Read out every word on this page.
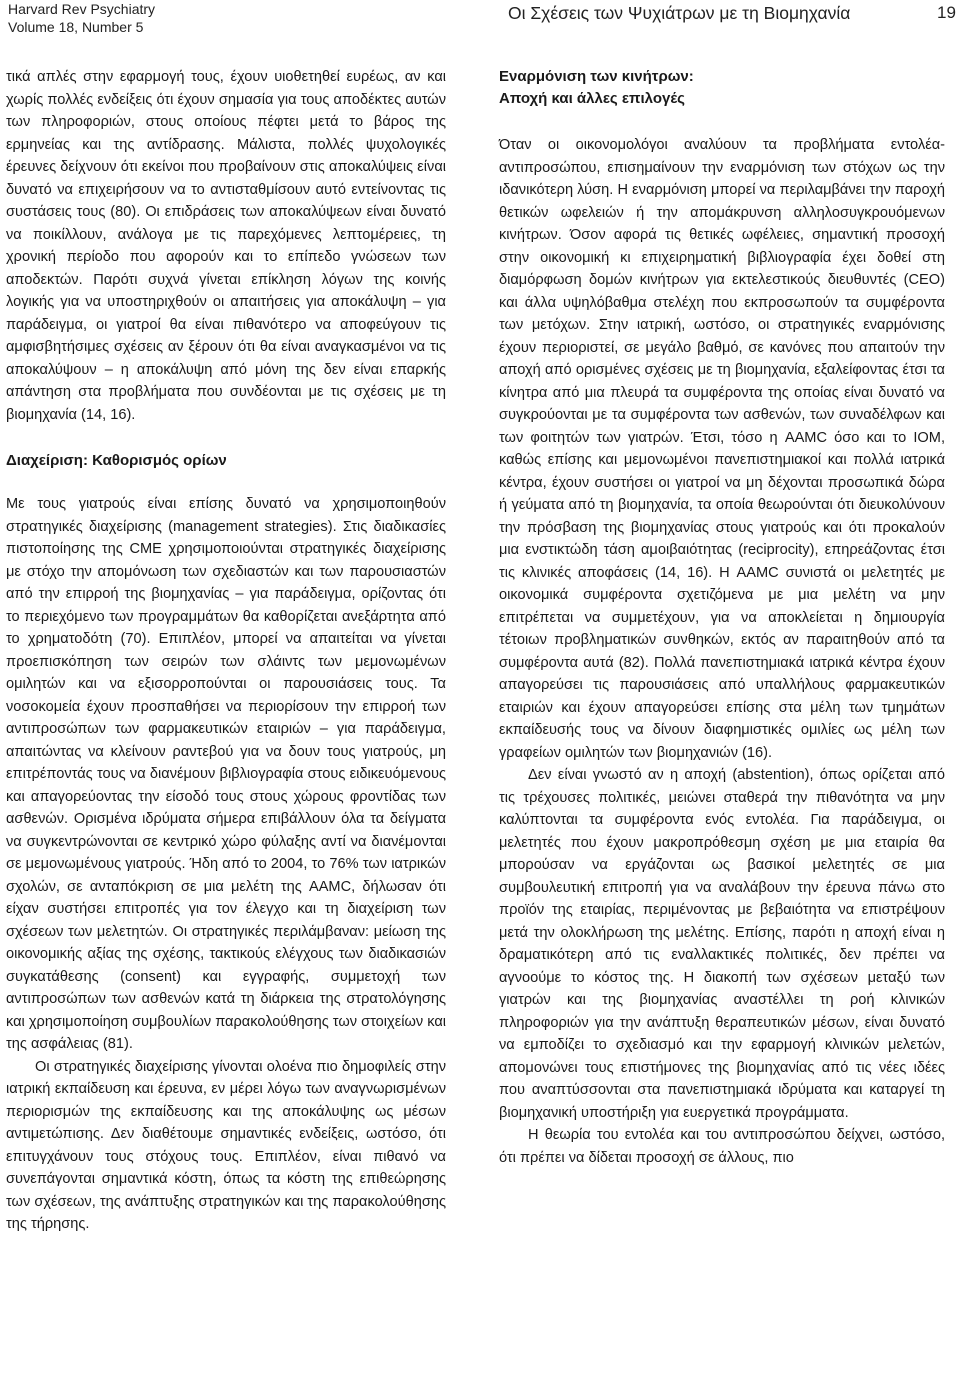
Harvard Rev Psychiatry
Volume 18, Number 5
Οι Σχέσεις των Ψυχιάτρων με τη Βιομηχανία	19

τικά απλές στην εφαρμογή τους, έχουν υιοθετηθεί ευρέως, αν και χωρίς πολλές ενδείξεις ότι έχουν σημασία για τους αποδέκτες αυτών των πληροφοριών, στους οποίους πέφτει μετά το βάρος της ερμηνείας και της αντίδρασης. Μάλιστα, πολλές ψυχολογικές έρευνες δείχνουν ότι εκείνοι που προβαίνουν στις αποκαλύψεις είναι δυνατό να επιχειρήσουν να το αντισταθμίσουν αυτό εντείνοντας τις συστάσεις τους (80). Οι επιδράσεις των αποκαλύψεων είναι δυνατό να ποικίλλουν, ανάλογα με τις παρεχόμενες λεπτομέρειες, τη χρονική περίοδο που αφορούν και το επίπεδο γνώσεων των αποδεκτών. Παρότι συχνά γίνεται επίκληση λόγων της κοινής λογικής για να υποστηριχθούν οι απαιτήσεις για αποκάλυψη – για παράδειγμα, οι γιατροί θα είναι πιθανότερο να αποφεύγουν τις αμφισβητήσιμες σχέσεις αν ξέρουν ότι θα είναι αναγκασμένοι να τις αποκαλύψουν – η αποκάλυψη από μόνη της δεν είναι επαρκής απάντηση στα προβλήματα που συνδέονται με τις σχέσεις με τη βιομηχανία (14, 16).

Διαχείριση: Καθορισμός ορίων

Με τους γιατρούς είναι επίσης δυνατό να χρησιμοποιηθούν στρατηγικές διαχείρισης (management strategies). Στις διαδικασίες πιστοποίησης της CME χρησιμοποιούνται στρατηγικές διαχείρισης με στόχο την απομόνωση των σχεδιαστών και των παρουσιαστών από την επιρροή της βιομηχανίας – για παράδειγμα, ορίζοντας ότι το περιεχόμενο των προγραμμάτων θα καθορίζεται ανεξάρτητα από το χρηματοδότη (70). Επιπλέον, μπορεί να απαιτείται να γίνεται προεπισκόπηση των σειρών των σλάιντς των μεμονωμένων ομιλητών και να εξισορροπούνται οι παρουσιάσεις τους. Τα νοσοκομεία έχουν προσπαθήσει να περιορίσουν την επιρροή των αντιπροσώπων των φαρμακευτικών εταιριών – για παράδειγμα, απαιτώντας να κλείνουν ραντεβού για να δουν τους γιατρούς, μη επιτρέποντάς τους να διανέμουν βιβλιογραφία στους ειδικευόμενους και απαγορεύοντας την είσοδό τους στους χώρους φροντίδας των ασθενών. Ορισμένα ιδρύματα σήμερα επιβάλλουν όλα τα δείγματα να συγκεντρώνονται σε κεντρικό χώρο φύλαξης αντί να διανέμονται σε μεμονωμένους γιατρούς. Ήδη από το 2004, το 76% των ιατρικών σχολών, σε ανταπόκριση σε μια μελέτη της AAMC, δήλωσαν ότι είχαν συστήσει επιτροπές για τον έλεγχο και τη διαχείριση των σχέσεων των μελετητών. Οι στρατηγικές περιλάμβαναν: μείωση της οικονομικής αξίας της σχέσης, τακτικούς ελέγχους των διαδικασιών συγκατάθεσης (consent) και εγγραφής, συμμετοχή των αντιπροσώπων των ασθενών κατά τη διάρκεια της στρατολόγησης και χρησιμοποίηση συμβουλίων παρακολούθησης των στοιχείων και της ασφάλειας (81).

Οι στρατηγικές διαχείρισης γίνονται ολοένα πιο δημοφιλείς στην ιατρική εκπαίδευση και έρευνα, εν μέρει λόγω των αναγνωρισμένων περιορισμών της εκπαίδευσης και της αποκάλυψης ως μέσων αντιμετώπισης. Δεν διαθέτουμε σημαντικές ενδείξεις, ωστόσο, ότι επιτυγχάνουν τους στόχους τους. Επιπλέον, είναι πιθανό να συνεπάγονται σημαντικά κόστη, όπως τα κόστη της επιθεώρησης των σχέσεων, της ανάπτυξης στρατηγικών και της παρακολούθησης της τήρησης.

Εναρμόνιση των κινήτρων:

Αποχή και άλλες επιλογές

Όταν οι οικονομολόγοι αναλύουν τα προβλήματα εντολέα-αντιπροσώπου, επισημαίνουν την εναρμόνιση των στόχων ως την ιδανικότερη λύση. Η εναρμόνιση μπορεί να περιλαμβάνει την παροχή θετικών ωφελειών ή την απομάκρυνση αλληλοσυγκρουόμενων κινήτρων. Όσον αφορά τις θετικές ωφέλειες, σημαντική προσοχή στην οικονομική κι επιχειρηματική βιβλιογραφία έχει δοθεί στη διαμόρφωση δομών κινήτρων για εκτελεστικούς διευθυντές (CEO) και άλλα υψηλόβαθμα στελέχη που εκπροσωπούν τα συμφέροντα των μετόχων. Στην ιατρική, ωστόσο, οι στρατηγικές εναρμόνισης έχουν περιοριστεί, σε μεγάλο βαθμό, σε κανόνες που απαιτούν την αποχή από ορισμένες σχέσεις με τη βιομηχανία, εξαλείφοντας έτσι τα κίνητρα από μια πλευρά τα συμφέροντα της οποίας είναι δυνατό να συγκρούονται με τα συμφέροντα των ασθενών, των συναδέλφων και των φοιτητών των γιατρών. Έτσι, τόσο η AAMC όσο και το IOM, καθώς επίσης και μεμονωμένοι πανεπιστημιακοί και πολλά ιατρικά κέντρα, έχουν συστήσει οι γιατροί να μη δέχονται προσωπικά δώρα ή γεύματα από τη βιομηχανία, τα οποία θεωρούνται ότι διευκολύνουν την πρόσβαση της βιομηχανίας στους γιατρούς και ότι προκαλούν μια ενστικτώδη τάση αμοιβαιότητας (reciprocity), επηρεάζοντας έτσι τις κλινικές αποφάσεις (14, 16). Η AAMC συνιστά οι μελετητές με οικονομικά συμφέροντα σχετιζόμενα με μια μελέτη να μην επιτρέπεται να συμμετέχουν, για να αποκλείεται η δημιουργία τέτοιων προβληματικών συνθηκών, εκτός αν παραιτηθούν από τα συμφέροντα αυτά (82). Πολλά πανεπιστημιακά ιατρικά κέντρα έχουν απαγορεύσει τις παρουσιάσεις από υπαλλήλους φαρμακευτικών εταιριών και έχουν απαγορεύσει επίσης στα μέλη των τμημάτων εκπαίδευσής τους να δίνουν διαφημιστικές ομιλίες ως μέλη των γραφείων ομιλητών των βιομηχανιών (16).

Δεν είναι γνωστό αν η αποχή (abstention), όπως ορίζεται από τις τρέχουσες πολιτικές, μειώνει σταθερά την πιθανότητα να μην καλύπτονται τα συμφέροντα ενός εντολέα. Για παράδειγμα, οι μελετητές που έχουν μακροπρόθεσμη σχέση με μια εταιρία θα μπορούσαν να εργάζονται ως βασικοί μελετητές σε μια συμβουλευτική επιτροπή για να αναλάβουν την έρευνα πάνω στο προϊόν της εταιρίας, περιμένοντας με βεβαιότητα να επιστρέψουν μετά την ολοκλήρωση της μελέτης. Επίσης, παρότι η αποχή είναι η δραματικότερη από τις εναλλακτικές πολιτικές, δεν πρέπει να αγνοούμε το κόστος της. Η διακοπή των σχέσεων μεταξύ των γιατρών και της βιομηχανίας αναστέλλει τη ροή κλινικών πληροφοριών για την ανάπτυξη θεραπευτικών μέσων, είναι δυνατό να εμποδίζει το σχεδιασμό και την εφαρμογή κλινικών μελετών, απομονώνει τους επιστήμονες της βιομηχανίας από τις νέες ιδέες που αναπτύσσονται στα πανεπιστημιακά ιδρύματα και καταργεί τη βιομηχανική υποστήριξη για ευεργετικά προγράμματα.

Η θεωρία του εντολέα και του αντιπροσώπου δείχνει, ωστόσο, ότι πρέπει να δίδεται προσοχή σε άλλους, πιο
